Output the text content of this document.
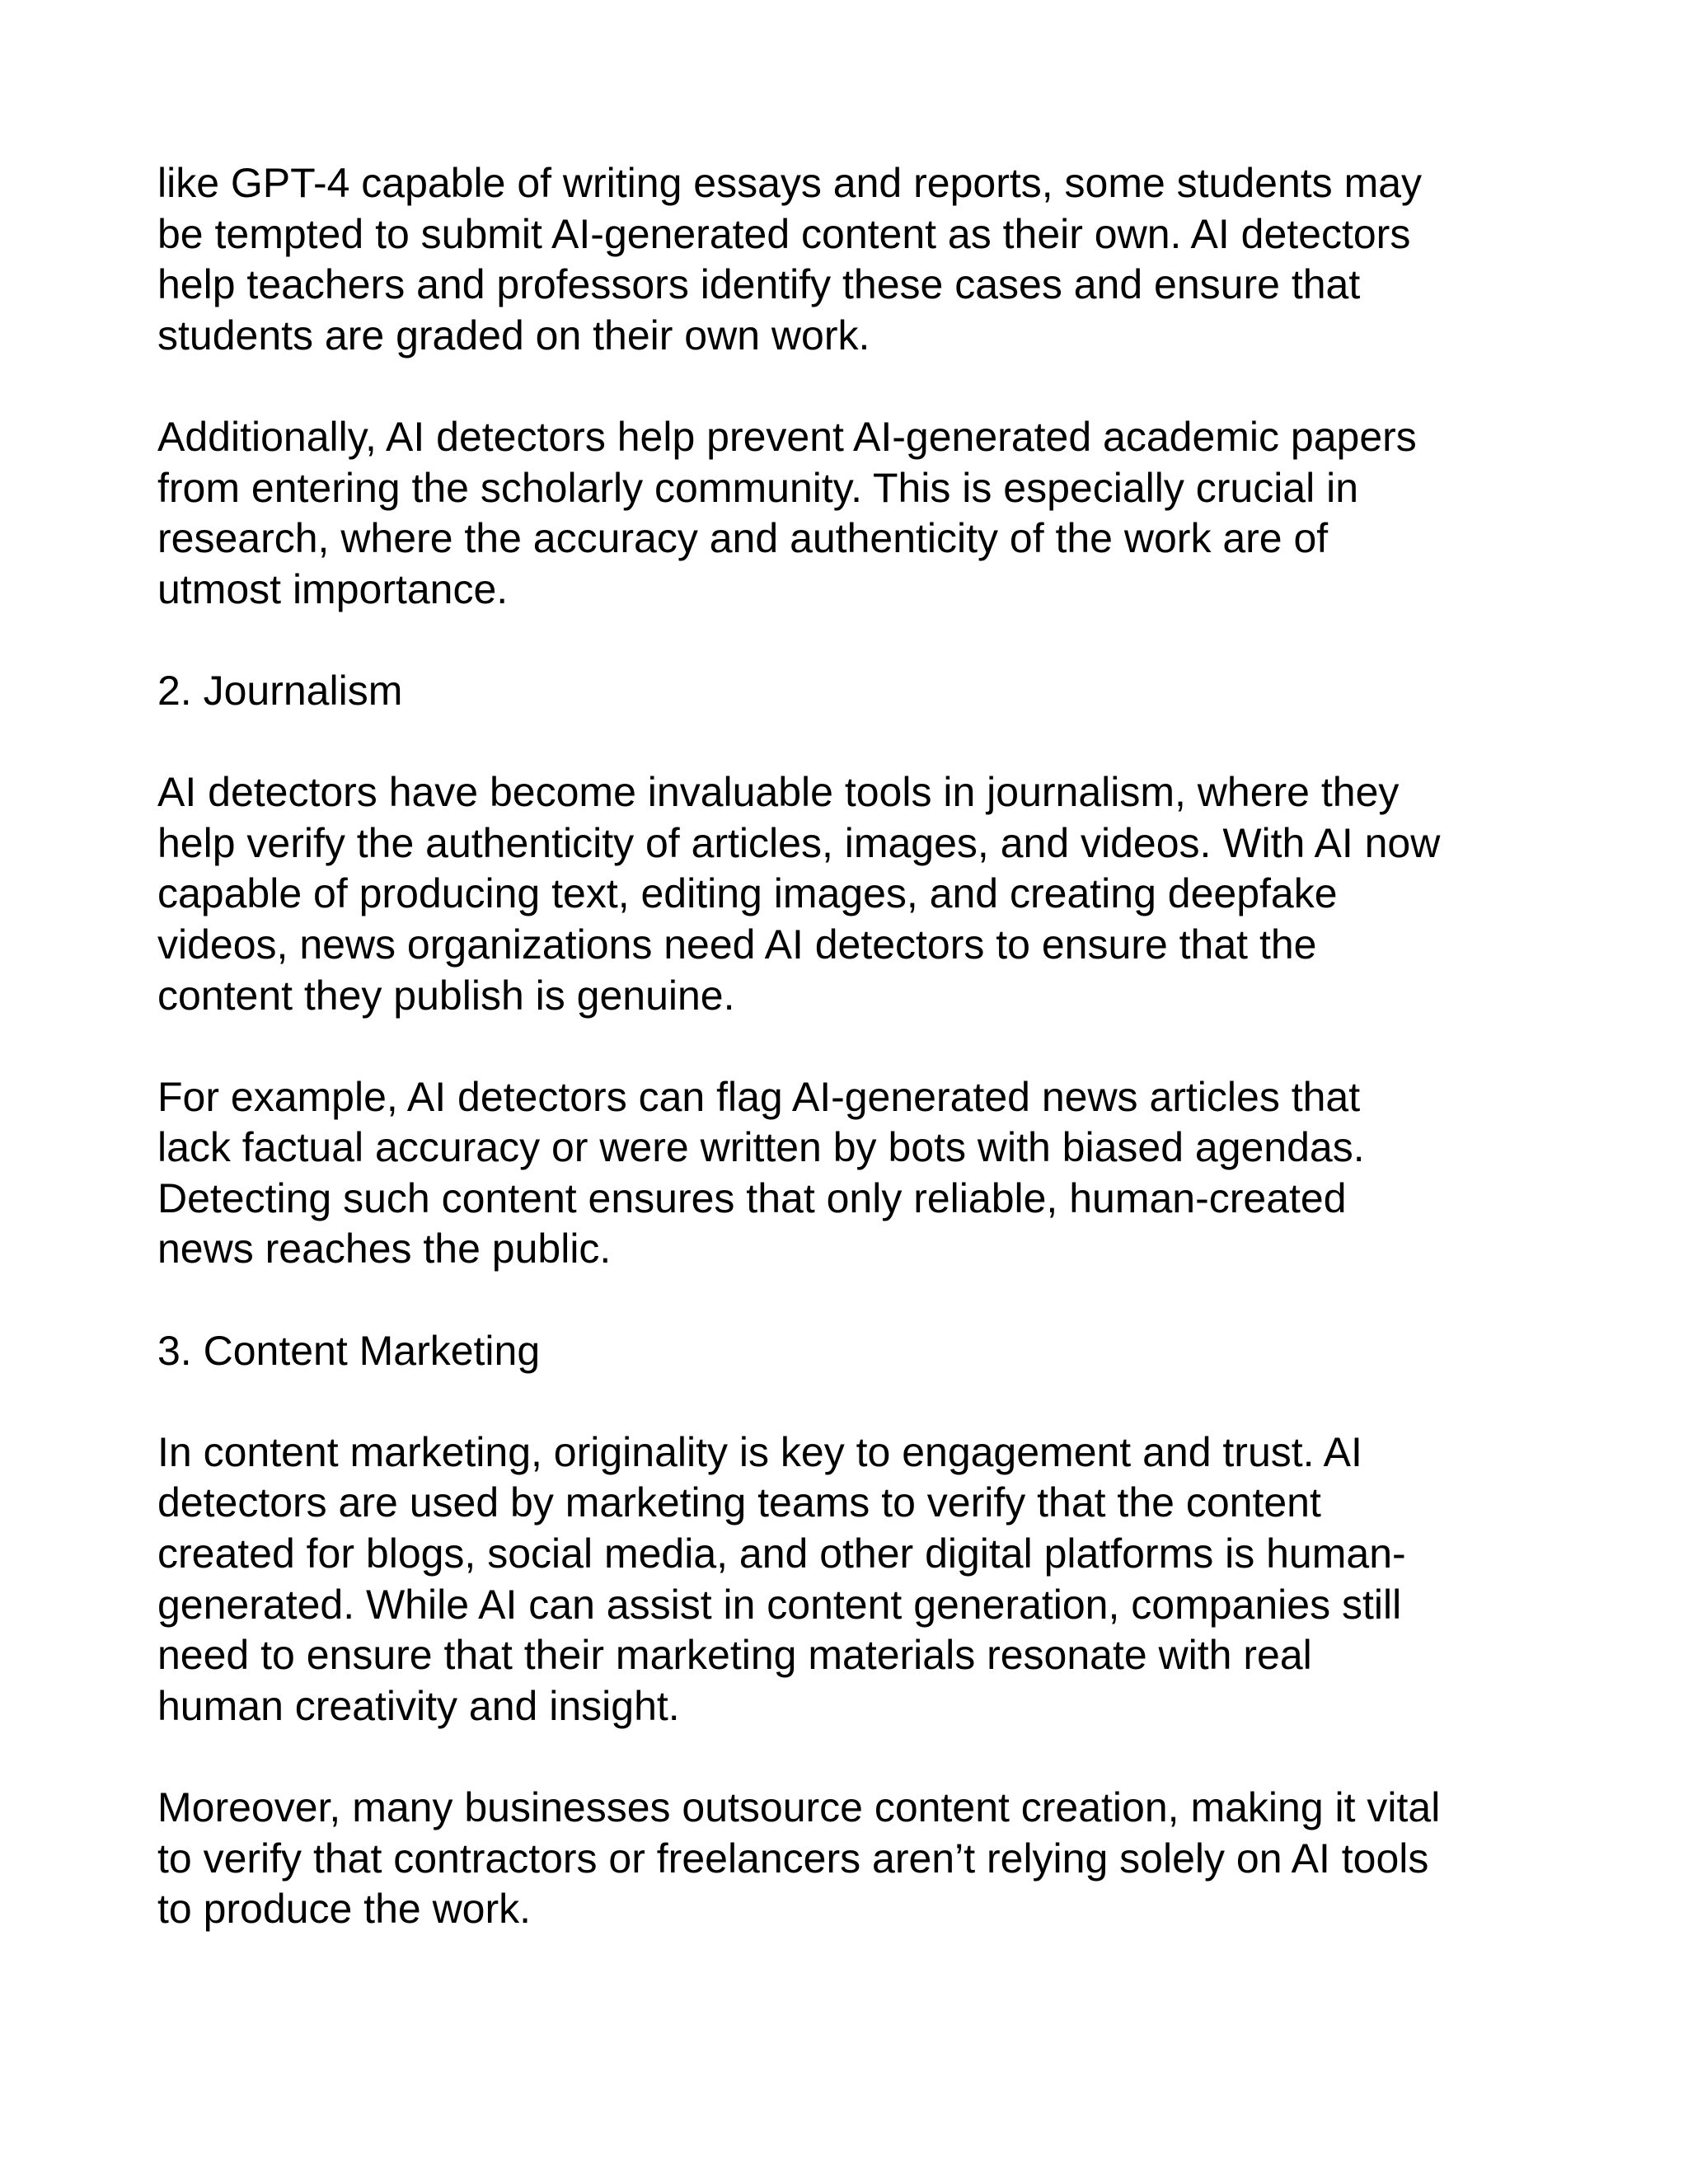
like GPT-4 capable of writing essays and reports, some students may
be tempted to submit AI-generated content as their own. AI detectors
help teachers and professors identify these cases and ensure that
students are graded on their own work.
Additionally, AI detectors help prevent AI-generated academic papers
from entering the scholarly community. This is especially crucial in
research, where the accuracy and authenticity of the work are of
utmost importance.
2. Journalism
AI detectors have become invaluable tools in journalism, where they
help verify the authenticity of articles, images, and videos. With AI now
capable of producing text, editing images, and creating deepfake
videos, news organizations need AI detectors to ensure that the
content they publish is genuine.
For example, AI detectors can flag AI-generated news articles that
lack factual accuracy or were written by bots with biased agendas.
Detecting such content ensures that only reliable, human-created
news reaches the public.
3. Content Marketing
In content marketing, originality is key to engagement and trust. AI
detectors are used by marketing teams to verify that the content
created for blogs, social media, and other digital platforms is human-
generated. While AI can assist in content generation, companies still
need to ensure that their marketing materials resonate with real
human creativity and insight.
Moreover, many businesses outsource content creation, making it vital
to verify that contractors or freelancers aren’t relying solely on AI tools
to produce the work.
